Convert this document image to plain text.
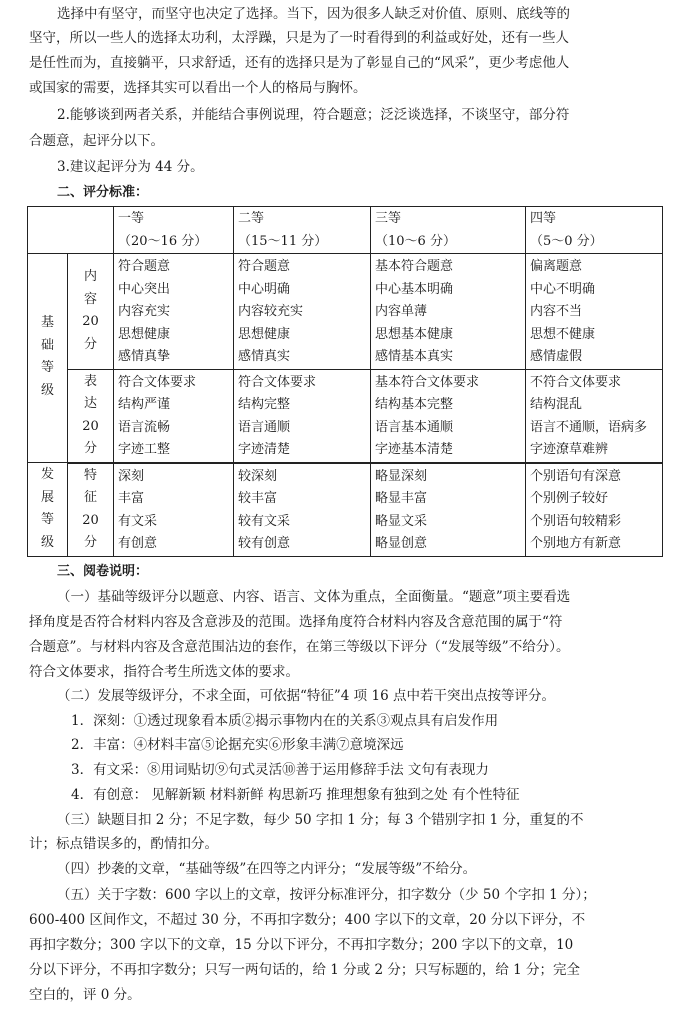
选择中有坚守，而坚守也决定了选择。当下，因为很多人缺乏对价值、原则、底线等的
坚守，所以一些人的选择太功利，太浮躁，只是为了一时看得到的利益或好处，还有一些人
是任性而为，直接躺平，只求舒适，还有的选择只是为了彰显自己的“风采”，更少考虑他人
或国家的需要，选择其实可以看出一个人的格局与胸怀。
2.能够谈到两者关系，并能结合事例说理，符合题意；泛泛谈选择，不谈坚守，部分符
合题意，起评分以下。
3.建议起评分为 44 分。
二、评分标准：

		一等
（20～16 分）	二等
（15～11 分）	三等
（10～6 分）	四等
（5～0 分）

基
础
等
级	内
容
20
分	符合题意
中心突出
内容充实
思想健康
感情真挚	符合题意
中心明确
内容较充实
思想健康
感情真实	基本符合题意
中心基本明确
内容单薄
思想基本健康
感情基本真实	偏离题意
中心不明确
内容不当
思想不健康
感情虚假

	表
达
20
分	符合文体要求
结构严谨
语言流畅
字迹工整	符合文体要求
结构完整
语言通顺
字迹清楚	基本符合文体要求
结构基本完整
语言基本通顺
字迹基本清楚	不符合文体要求
结构混乱
语言不通顺，语病多
字迹潦草难辨

发
展
等
级	特
征
20
分	深刻
丰富
有文采
有创意	较深刻
较丰富
较有文采
较有创意	略显深刻
略显丰富
略显文采
略显创意	个别语句有深意
个别例子较好
个别语句较精彩
个别地方有新意
三、阅卷说明：
（一）基础等级评分以题意、内容、语言、文体为重点，全面衡量。“题意”项主要看选
择角度是否符合材料内容及含意涉及的范围。选择角度符合材料内容及含意范围的属于“符
合题意”。与材料内容及含意范围沾边的套作，在第三等级以下评分（“发展等级”不给分）。
符合文体要求，指符合考生所选文体的要求。
（二）发展等级评分，不求全面，可依据“特征”4 项 16 点中若干突出点按等评分。
1．深刻：①透过现象看本质②揭示事物内在的关系③观点具有启发作用
2．丰富：④材料丰富⑤论据充实⑥形象丰满⑦意境深远
3．有文采：⑧用词贴切⑨句式灵活⑩善于运用修辞手法 文句有表现力
4．有创意： 见解新颖 材料新鲜 构思新巧 推理想象有独到之处 有个性特征
（三）缺题目扣 2 分；不足字数，每少 50 字扣 1 分；每 3 个错别字扣 1 分，重复的不
计；标点错误多的，酌情扣分。
（四）抄袭的文章，“基础等级”在四等之内评分；“发展等级”不给分。
（五）关于字数：600 字以上的文章，按评分标准评分，扣字数分（少 50 个字扣 1 分）；
600-400 区间作文，不超过 30 分，不再扣字数分；400 字以下的文章，20 分以下评分，不
再扣字数分；300 字以下的文章，15 分以下评分，不再扣字数分；200 字以下的文章，10
分以下评分，不再扣字数分；只写一两句话的，给 1 分或 2 分；只写标题的，给 1 分；完全
空白的，评 0 分。
